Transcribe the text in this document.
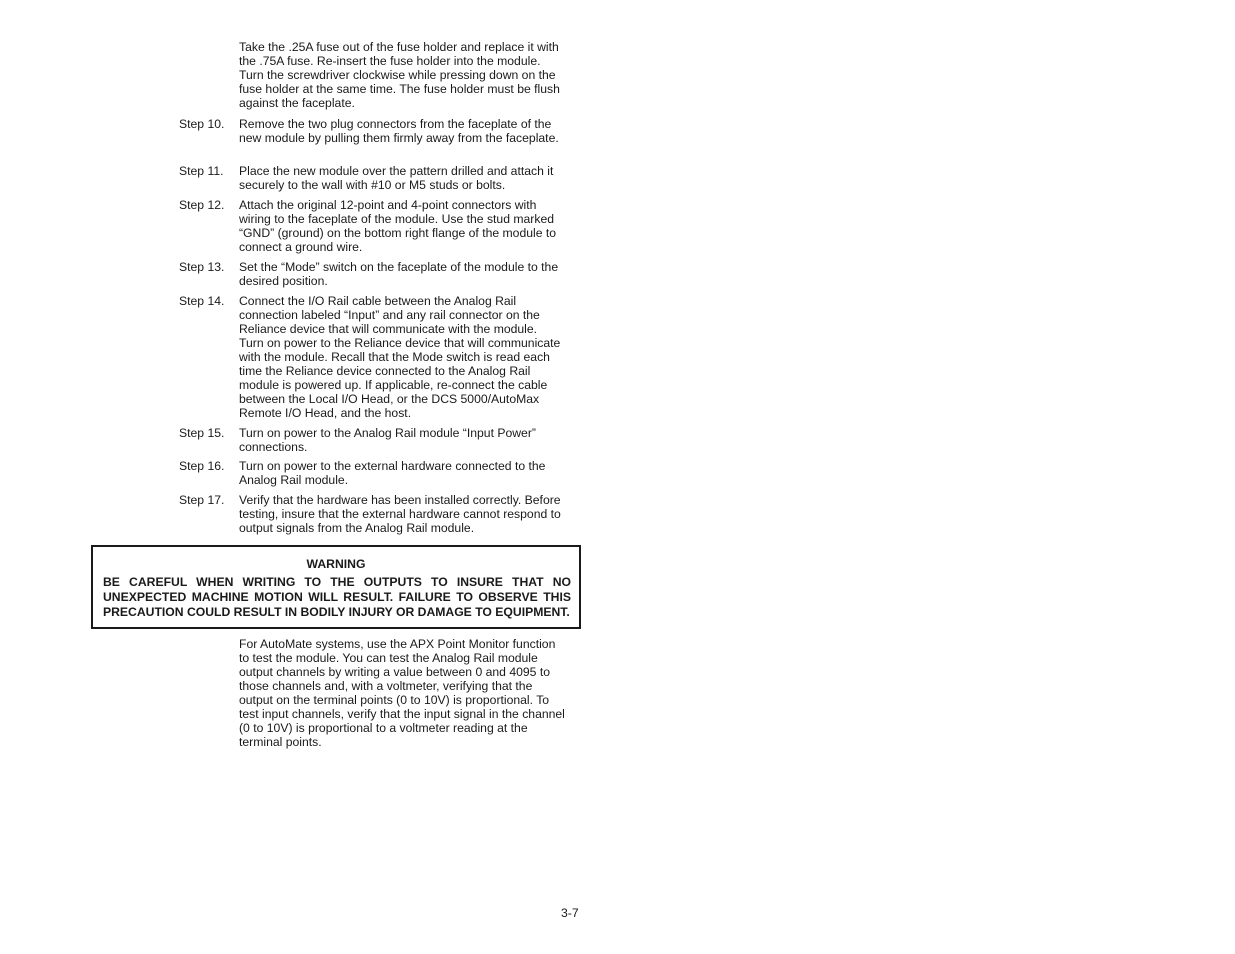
Take the .25A fuse out of the fuse holder and replace it with the .75A fuse. Re-insert the fuse holder into the module. Turn the screwdriver clockwise while pressing down on the fuse holder at the same time. The fuse holder must be flush against the faceplate.

Step 10.	Remove the two plug connectors from the faceplate of the new module by pulling them firmly away from the faceplate.
Step 11.	Place the new module over the pattern drilled and attach it securely to the wall with #10 or M5 studs or bolts.
Step 12.	Attach the original 12-point and 4-point connectors with wiring to the faceplate of the module. Use the stud marked “GND” (ground) on the bottom right flange of the module to connect a ground wire.
Step 13.	Set the “Mode” switch on the faceplate of the module to the desired position.
Step 14.	Connect the I/O Rail cable between the Analog Rail connection labeled “Input” and any rail connector on the Reliance device that will communicate with the module. Turn on power to the Reliance device that will communicate with the module. Recall that the Mode switch is read each time the Reliance device connected to the Analog Rail module is powered up. If applicable, re-connect the cable between the Local I/O Head, or the DCS 5000/AutoMax Remote I/O Head, and the host.
Step 15.	Turn on power to the Analog Rail module “Input Power” connections.
Step 16.	Turn on power to the external hardware connected to the Analog Rail module.
Step 17.	Verify that the hardware has been installed correctly. Before testing, insure that the external hardware cannot respond to output signals from the Analog Rail module.
WARNING
BE CAREFUL WHEN WRITING TO THE OUTPUTS TO INSURE THAT NO UNEXPECTED MACHINE MOTION WILL RESULT. FAILURE TO OBSERVE THIS PRECAUTION COULD RESULT IN BODILY INJURY OR DAMAGE TO EQUIPMENT.

For AutoMate systems, use the APX Point Monitor function to test the module. You can test the Analog Rail module output channels by writing a value between 0 and 4095 to those channels and, with a voltmeter, verifying that the output on the terminal points (0 to 10V) is proportional. To test input channels, verify that the input signal in the channel (0 to 10V) is proportional to a voltmeter reading at the terminal points.

3-7
